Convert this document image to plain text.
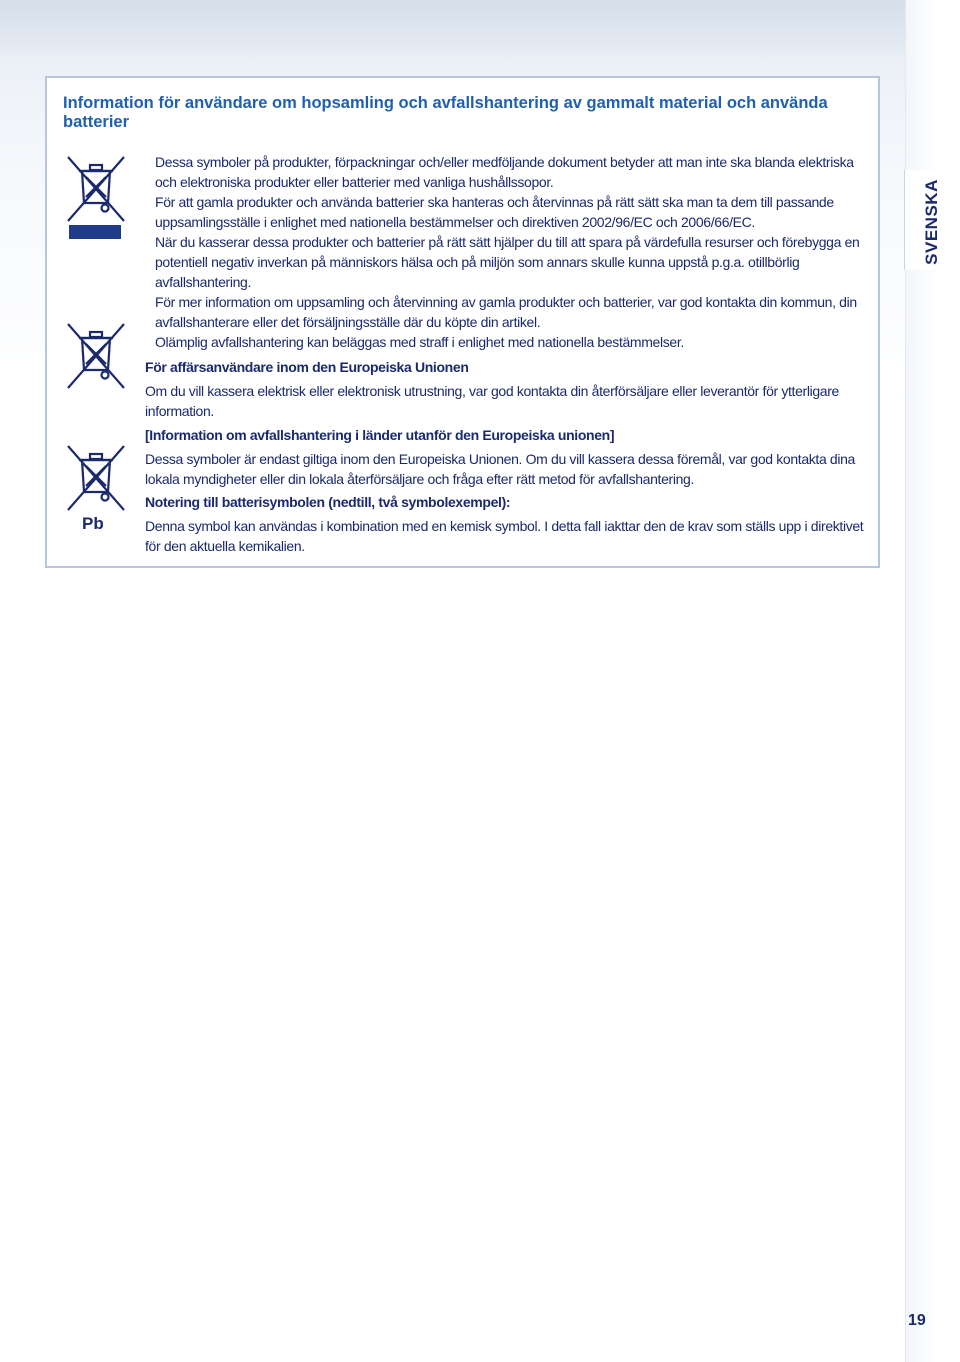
SVENSKA
Information för användare om hopsamling och avfallshantering av gammalt material och använda batterier
Pb

Dessa symboler på produkter, förpackningar och/eller medföljande dokument betyder att man inte ska blanda elektriska och elektroniska produkter eller batterier med vanliga hushållssopor.

För att gamla produkter och använda batterier ska hanteras och återvinnas på rätt sätt ska man ta dem till passande uppsamlingsställe i enlighet med nationella bestämmelser och direktiven 2002/96/EC och 2006/66/EC.

När du kasserar dessa produkter och batterier på rätt sätt hjälper du till att spara på värdefulla resurser och förebygga en potentiell negativ inverkan på människors hälsa och på miljön som annars skulle kunna uppstå p.g.a. otillbörlig avfallshantering.

För mer information om uppsamling och återvinning av gamla produkter och batterier, var god kontakta din kommun, din avfallshanterare eller det försäljningsställe där du köpte din artikel.

Olämplig avfallshantering kan beläggas med straff i enlighet med nationella bestämmelser.

För affärsanvändare inom den Europeiska Unionen

Om du vill kassera elektrisk eller elektronisk utrustning, var god kontakta din återförsäljare eller leverantör för ytterligare information.

[Information om avfallshantering i länder utanför den Europeiska unionen]

Dessa symboler är endast giltiga inom den Europeiska Unionen. Om du vill kassera dessa föremål, var god kontakta dina lokala myndigheter eller din lokala återförsäljare och fråga efter rätt metod för avfallshantering.

Notering till batterisymbolen (nedtill, två symbolexempel):

Denna symbol kan användas i kombination med en kemisk symbol. I detta fall iakttar den de krav som ställs upp i direktivet för den aktuella kemikalien.

19
